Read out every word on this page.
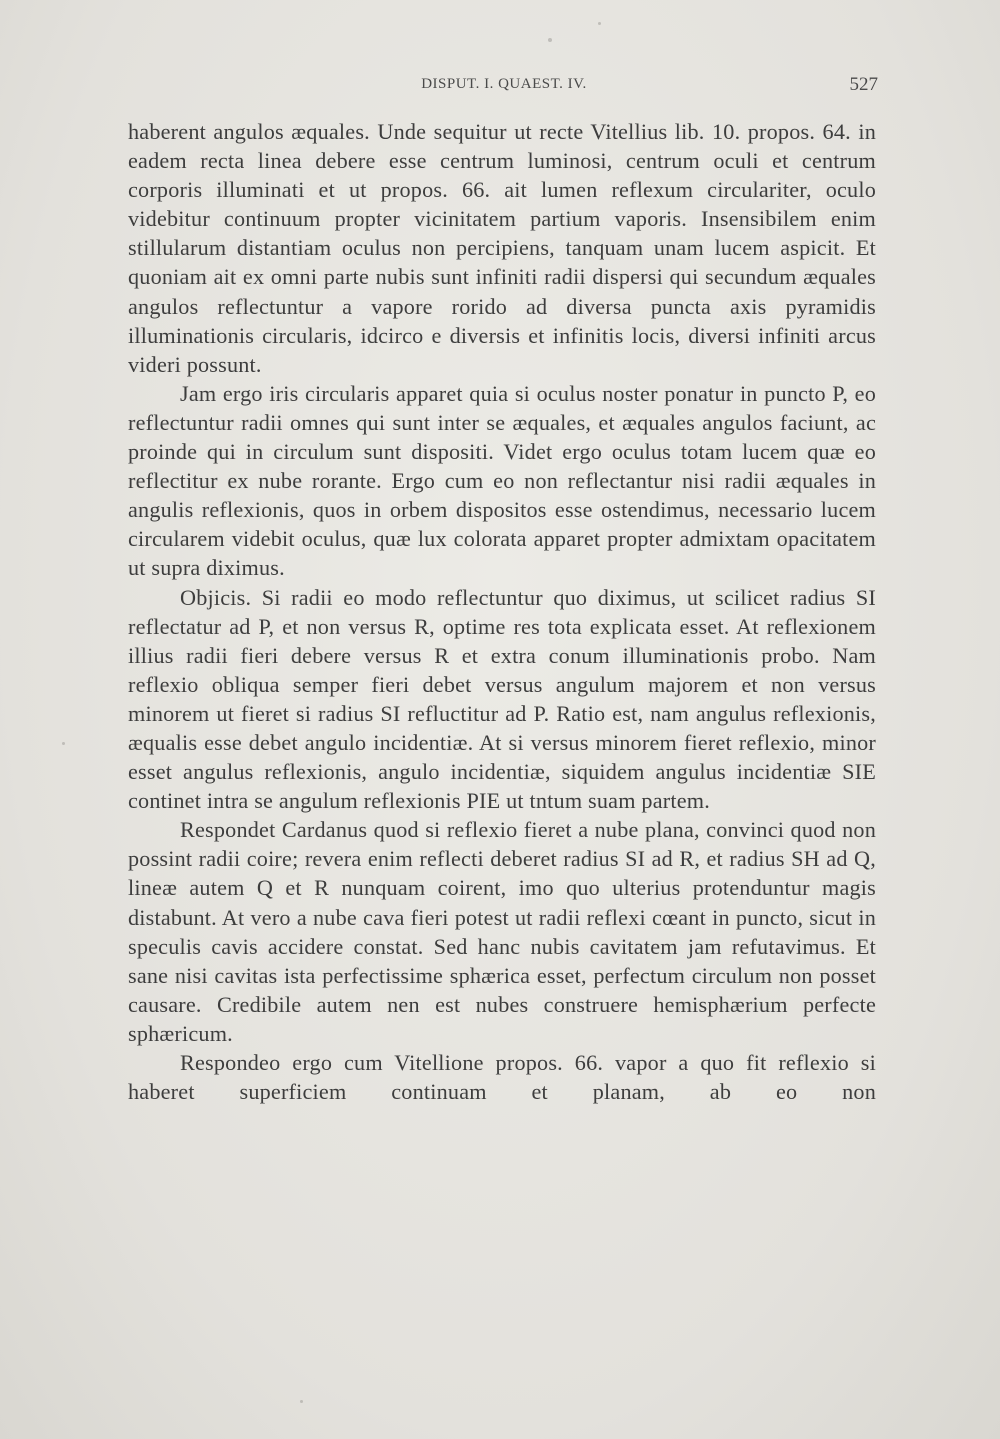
DISPUT. I. QUAEST. IV.	527

haberent angulos æquales. Unde sequitur ut recte Vitellius lib. 10. propos. 64. in eadem recta linea debere esse centrum luminosi, centrum oculi et centrum corporis illuminati et ut propos. 66. ait lumen reflexum circulariter, oculo videbitur continuum propter vicinitatem partium vaporis. Insensibilem enim stillularum distantiam oculus non percipiens, tanquam unam lucem aspicit. Et quoniam ait ex omni parte nubis sunt infiniti radii dispersi qui secundum æquales angulos reflectuntur a vapore rorido ad diversa puncta axis pyramidis illuminationis circularis, idcirco e diversis et infinitis locis, diversi infiniti arcus videri possunt.

Jam ergo iris circularis apparet quia si oculus noster ponatur in puncto P, eo reflectuntur radii omnes qui sunt inter se æquales, et æquales angulos faciunt, ac proinde qui in circulum sunt dispositi. Videt ergo oculus totam lucem quæ eo reflectitur ex nube rorante. Ergo cum eo non reflectantur nisi radii æquales in angulis reflexionis, quos in orbem dispositos esse ostendimus, necessario lucem circularem videbit oculus, quæ lux colorata apparet propter admixtam opacitatem ut supra diximus.

Objicis. Si radii eo modo reflectuntur quo diximus, ut scilicet radius SI reflectatur ad P, et non versus R, optime res tota explicata esset. At reflexionem illius radii fieri debere versus R et extra conum illuminationis probo. Nam reflexio obliqua semper fieri debet versus angulum majorem et non versus minorem ut fieret si radius SI refluctitur ad P. Ratio est, nam angulus reflexionis, æqualis esse debet angulo incidentiæ. At si versus minorem fieret reflexio, minor esset angulus reflexionis, angulo incidentiæ, siquidem angulus incidentiæ SIE continet intra se angulum reflexionis PIE ut tntum suam partem.

Respondet Cardanus quod si reflexio fieret a nube plana, convinci quod non possint radii coire; revera enim reflecti deberet radius SI ad R, et radius SH ad Q, lineæ autem Q et R nunquam coirent, imo quo ulterius protenduntur magis distabunt. At vero a nube cava fieri potest ut radii reflexi cœant in puncto, sicut in speculis cavis accidere constat. Sed hanc nubis cavitatem jam refutavimus. Et sane nisi cavitas ista perfectissime sphærica esset, perfectum circulum non posset causare. Credibile autem nen est nubes construere hemisphærium perfecte sphæricum.

Respondeo ergo cum Vitellione propos. 66. vapor a quo fit reflexio si haberet superficiem continuam et planam, ab eo non
